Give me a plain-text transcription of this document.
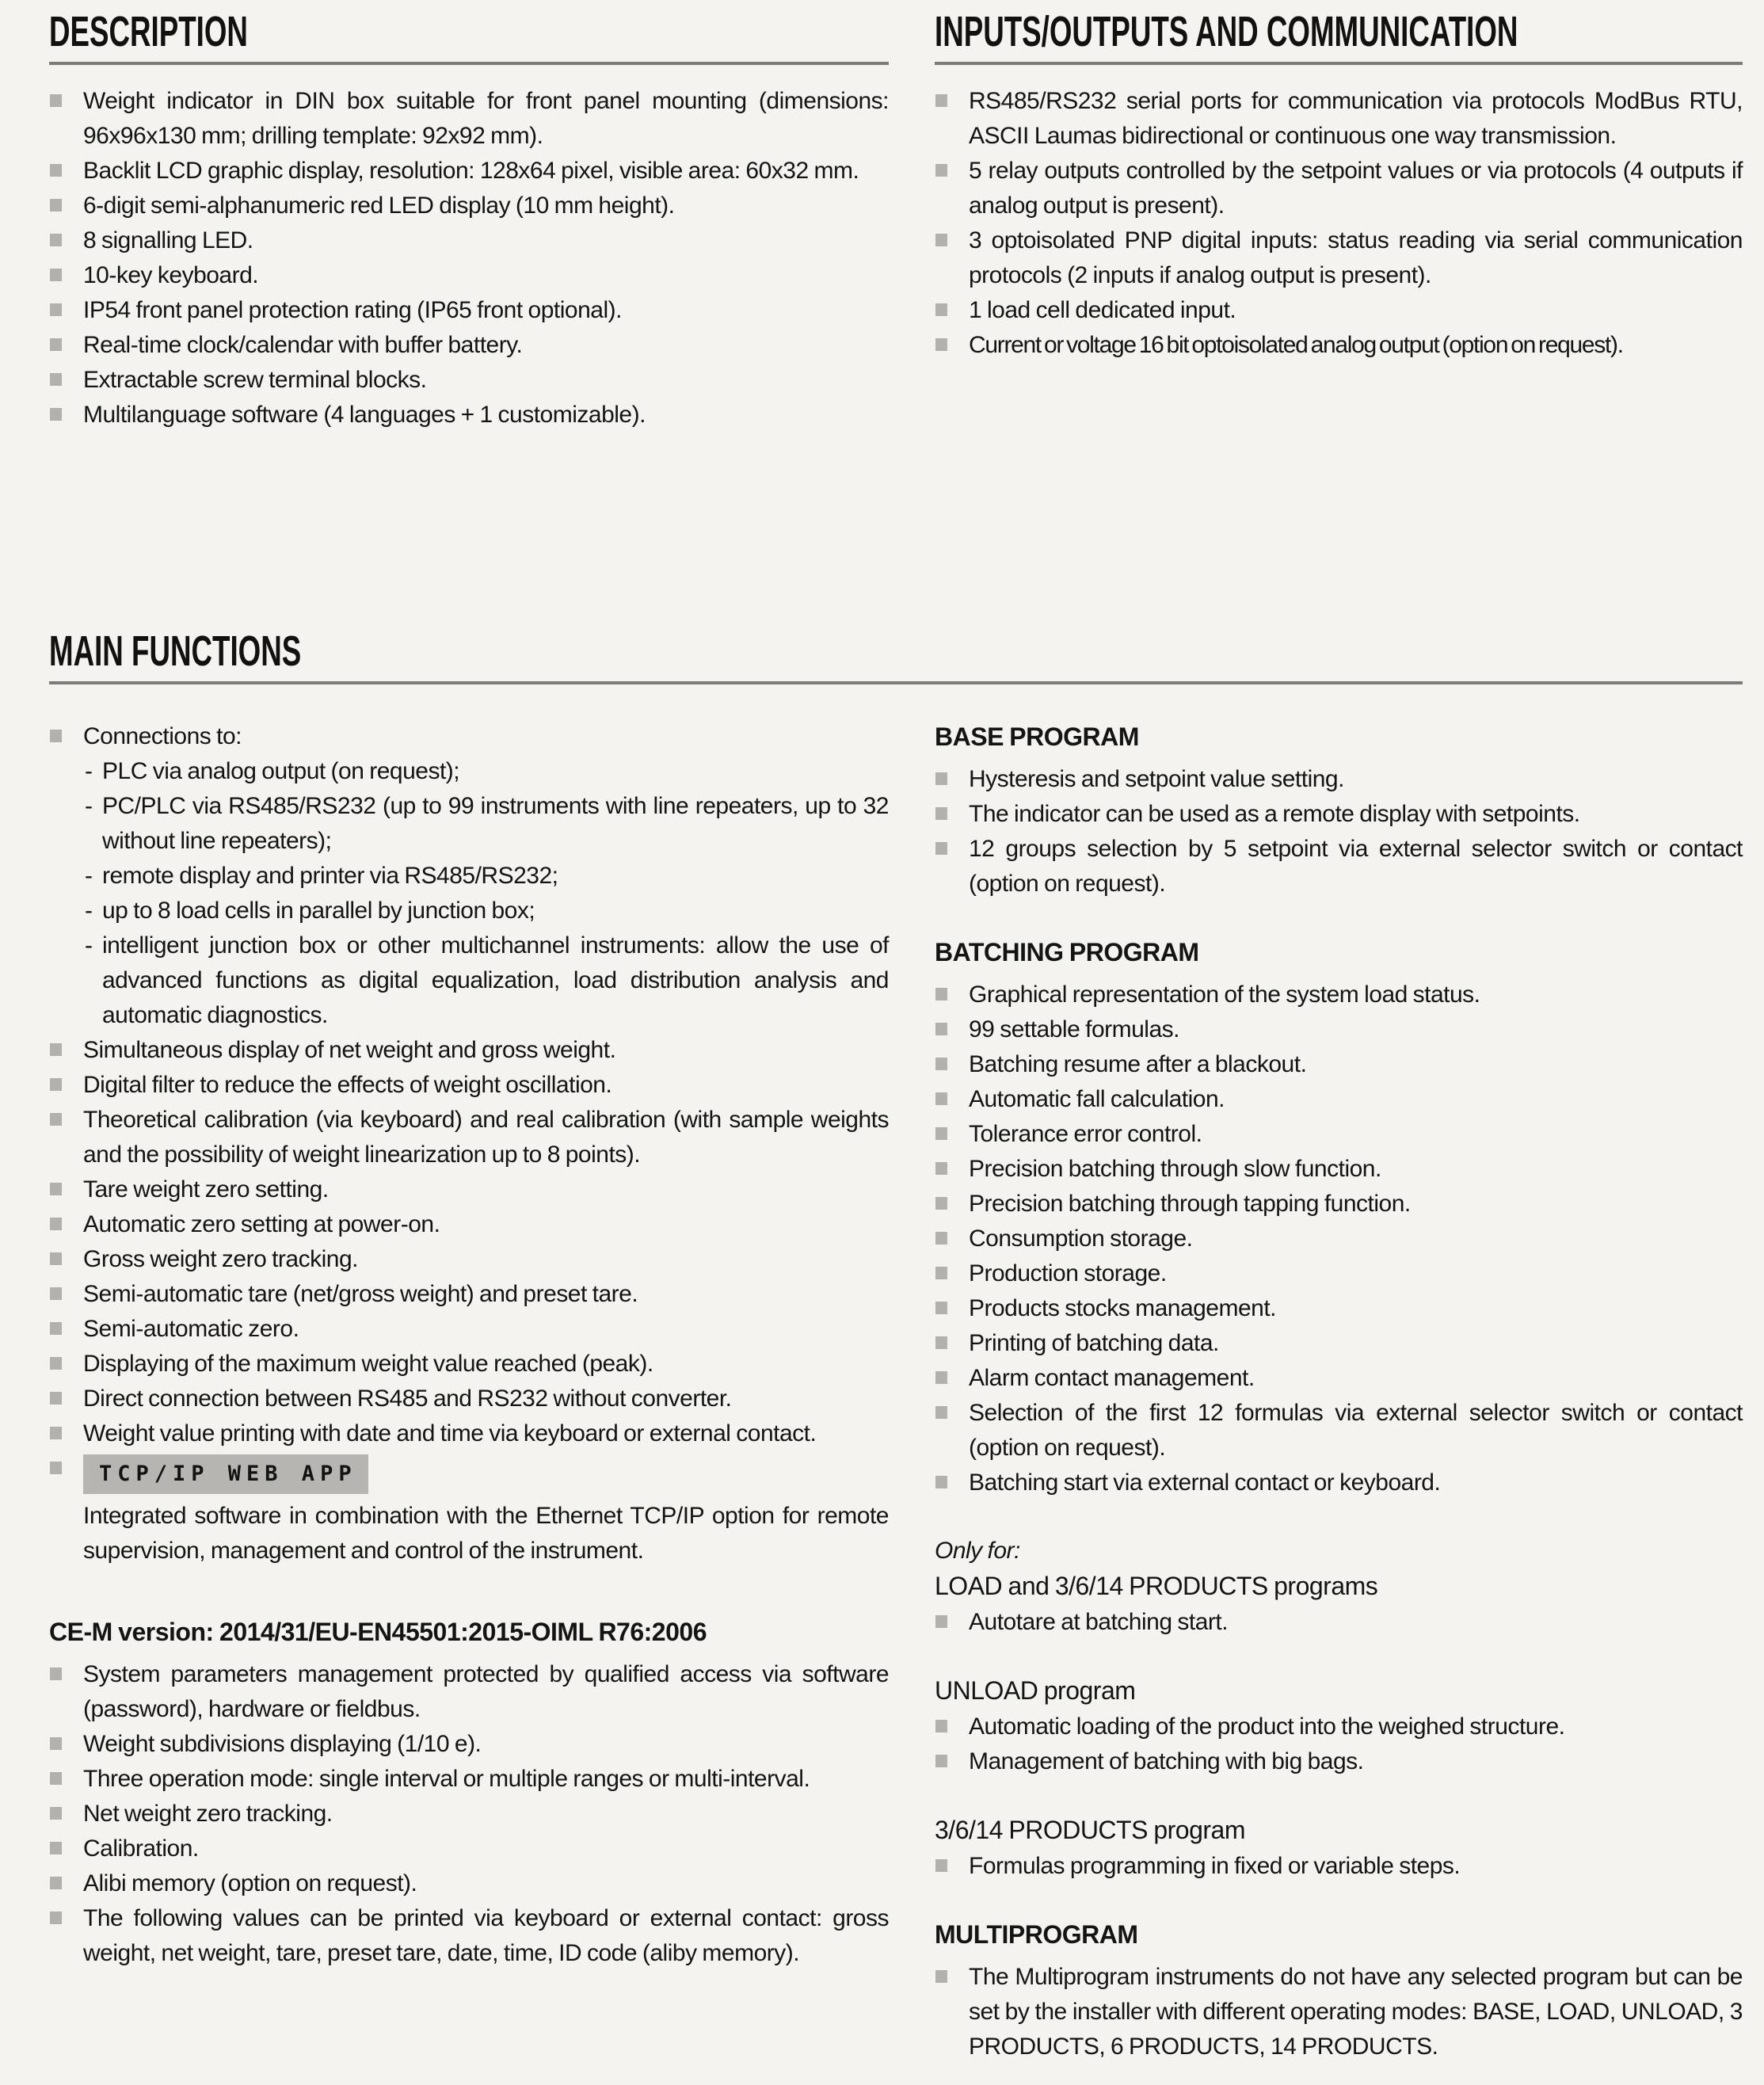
DESCRIPTION
Weight indicator in DIN box suitable for front panel mounting (dimensions: 96x96x130 mm; drilling template: 92x92 mm).
Backlit LCD graphic display, resolution: 128x64 pixel, visible area: 60x32 mm.
6-digit semi-alphanumeric red LED display (10 mm height).
8 signalling LED.
10-key keyboard.
IP54 front panel protection rating (IP65 front optional).
Real-time clock/calendar with buffer battery.
Extractable screw terminal blocks.
Multilanguage software (4 languages + 1 customizable).
INPUTS/OUTPUTS AND COMMUNICATION
RS485/RS232 serial ports for communication via protocols ModBus RTU, ASCII Laumas bidirectional or continuous one way transmission.
5 relay outputs controlled by the setpoint values or via protocols (4 outputs if analog output is present).
3 optoisolated PNP digital inputs: status reading via serial communication protocols (2 inputs if analog output is present).
1 load cell dedicated input.
Current or voltage 16 bit optoisolated analog output (option on request).
MAIN FUNCTIONS
Connections to:
- PLC via analog output (on request);
- PC/PLC via RS485/RS232 (up to 99 instruments with line repeaters, up to 32 without line repeaters);
- remote display and printer via RS485/RS232;
- up to 8 load cells in parallel by junction box;
- intelligent junction box or other multichannel instruments: allow the use of advanced functions as digital equalization, load distribution analysis and automatic diagnostics.
Simultaneous display of net weight and gross weight.
Digital filter to reduce the effects of weight oscillation.
Theoretical calibration (via keyboard) and real calibration (with sample weights and the possibility of weight linearization up to 8 points).
Tare weight zero setting.
Automatic zero setting at power-on.
Gross weight zero tracking.
Semi-automatic tare (net/gross weight) and preset tare.
Semi-automatic zero.
Displaying of the maximum weight value reached (peak).
Direct connection between RS485 and RS232 without converter.
Weight value printing with date and time via keyboard or external contact.
TCP/IP WEB APP
Integrated software in combination with the Ethernet TCP/IP option for remote supervision, management and control of the instrument.
CE-M version: 2014/31/EU-EN45501:2015-OIML R76:2006
System parameters management protected by qualified access via software (password), hardware or fieldbus.
Weight subdivisions displaying (1/10 e).
Three operation mode: single interval or multiple ranges or multi-interval.
Net weight zero tracking.
Calibration.
Alibi memory (option on request).
The following values can be printed via keyboard or external contact: gross weight, net weight, tare, preset tare, date, time, ID code (aliby memory).
BASE PROGRAM
Hysteresis and setpoint value setting.
The indicator can be used as a remote display with setpoints.
12 groups selection by 5 setpoint via external selector switch or contact (option on request).
BATCHING PROGRAM
Graphical representation of the system load status.
99 settable formulas.
Batching resume after a blackout.
Automatic fall calculation.
Tolerance error control.
Precision batching through slow function.
Precision batching through tapping function.
Consumption storage.
Production storage.
Products stocks management.
Printing of batching data.
Alarm contact management.
Selection of the first 12 formulas via external selector switch or contact (option on request).
Batching start via external contact or keyboard.

Only for:

LOAD and 3/6/14 PRODUCTS programs
Autotare at batching start.
UNLOAD program
Automatic loading of the product into the weighed structure.
Management of batching with big bags.
3/6/14 PRODUCTS program
Formulas programming in fixed or variable steps.
MULTIPROGRAM
The Multiprogram instruments do not have any selected program but can be set by the installer with different operating modes: BASE, LOAD, UNLOAD, 3 PRODUCTS, 6 PRODUCTS, 14 PRODUCTS.
